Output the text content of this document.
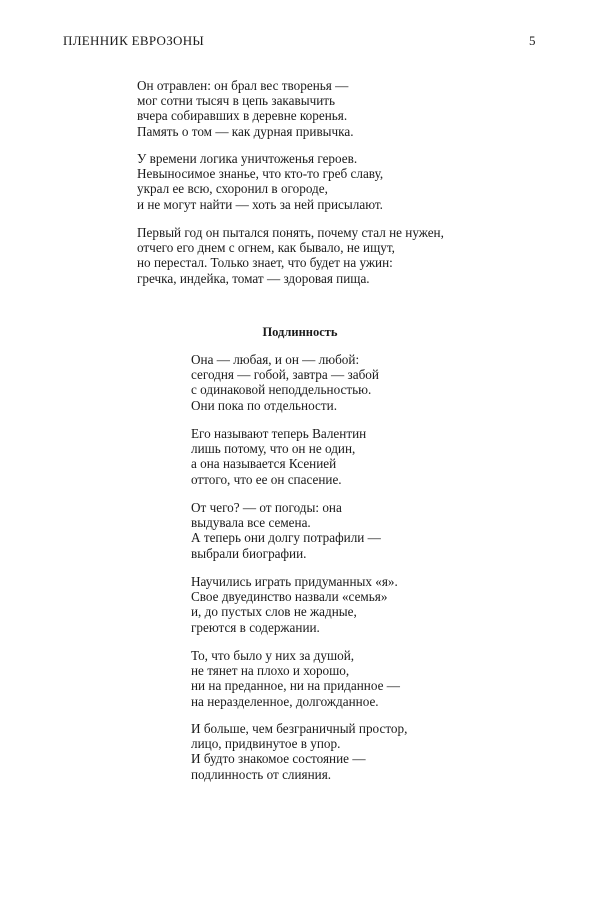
ПЛЕННИК ЕВРОЗОНЫ	5
Он отравлен: он брал вес творенья —
мог сотни тысяч в цепь закавычить
вчера собиравших в деревне коренья.
Память о том — как дурная привычка.
У времени логика уничтоженья героев.
Невыносимое знанье, что кто-то греб славу,
украл ее всю, схоронил в огороде,
и не могут найти — хоть за ней присылают.
Первый год он пытался понять, почему стал не нужен,
отчего его днем с огнем, как бывало, не ищут,
но перестал. Только знает, что будет на ужин:
гречка, индейка, томат — здоровая пища.
Подлинность
Она — любая, и он — любой:
сегодня — гобой, завтра — забой
с одинаковой неподдельностью.
Они пока по отдельности.
Его называют теперь Валентин
лишь потому, что он не один,
а она называется Ксенией
оттого, что ее он спасение.
От чего? — от погоды: она
выдувала все семена.
А теперь они долгу потрафили —
выбрали биографии.
Научились играть придуманных «я».
Свое двуединство назвали «семья»
и, до пустых слов не жадные,
греются в содержании.
То, что было у них за душой,
не тянет на плохо и хорошо,
ни на преданное, ни на приданное —
на неразделенное, долгожданное.
И больше, чем безграничный простор,
лицо, придвинутое в упор.
И будто знакомое состояние —
подлинность от слияния.
